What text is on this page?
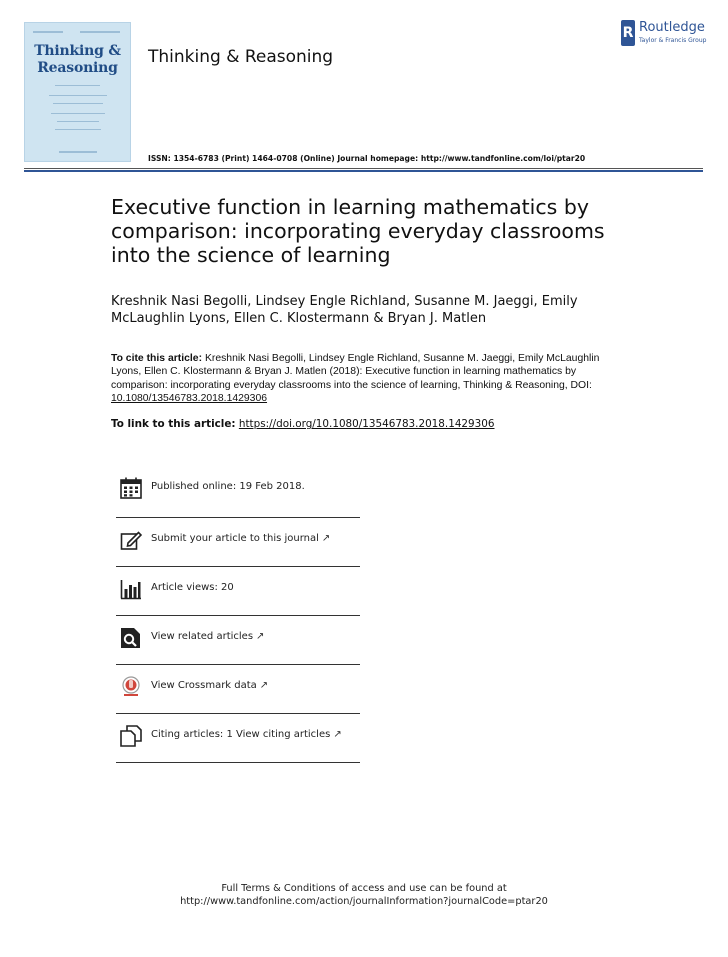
Thinking & Reasoning
Thinking & Reasoning
R Routledge
Taylor & Francis Group
ISSN: 1354-6783 (Print) 1464-0708 (Online) Journal homepage: http://www.tandfonline.com/loi/ptar20
Executive function in learning mathematics by comparison: incorporating everyday classrooms into the science of learning
Kreshnik Nasi Begolli, Lindsey Engle Richland, Susanne M. Jaeggi, Emily McLaughlin Lyons, Ellen C. Klostermann & Bryan J. Matlen
To cite this article: Kreshnik Nasi Begolli, Lindsey Engle Richland, Susanne M. Jaeggi, Emily McLaughlin Lyons, Ellen C. Klostermann & Bryan J. Matlen (2018): Executive function in learning mathematics by comparison: incorporating everyday classrooms into the science of learning, Thinking & Reasoning, DOI: 10.1080/13546783.2018.1429306
To link to this article: https://doi.org/10.1080/13546783.2018.1429306
Published online: 19 Feb 2018.
Submit your article to this journal ↗
Article views: 20
View related articles ↗
View Crossmark data ↗
Citing articles: 1 View citing articles ↗
Full Terms & Conditions of access and use can be found at
http://www.tandfonline.com/action/journalInformation?journalCode=ptar20
